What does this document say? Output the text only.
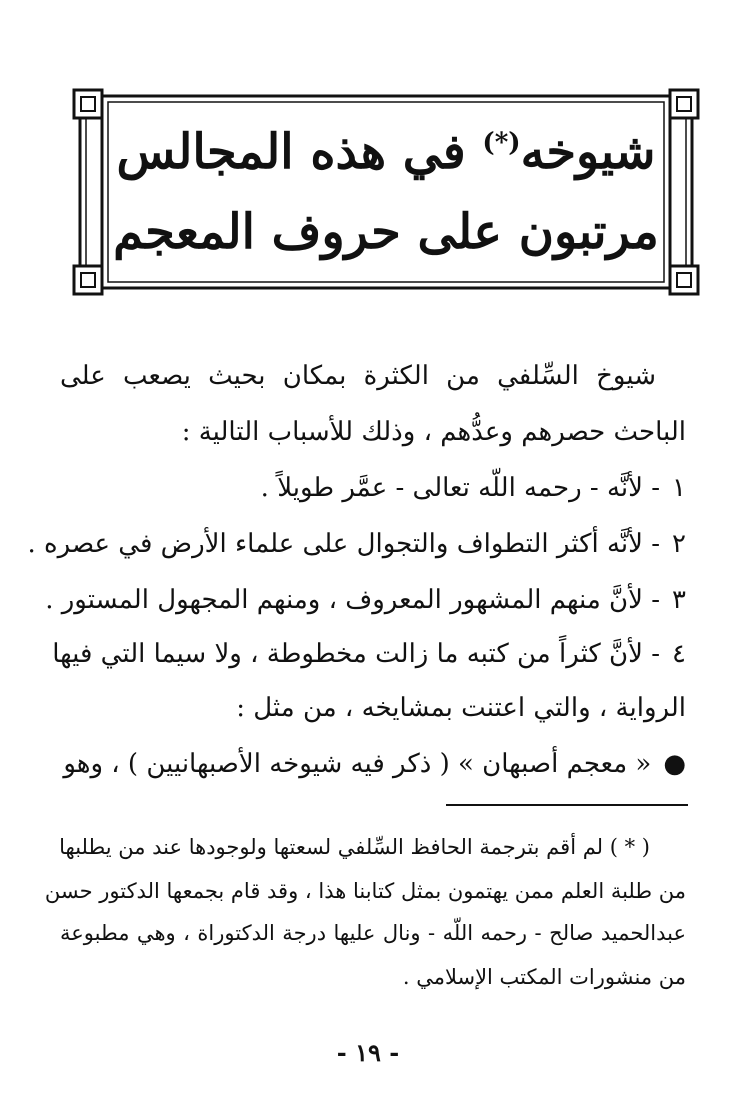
شيوخه(*) في هذه المجالس
مرتبون على حروف المعجم
شيوخ السِّلفي من الكثرة بمكان بحيث يصعب على
الباحث حصرهم وعدُّهم ، وذلك للأسباب التالية :
١- لأنَّه - رحمه اللّه تعالى - عمَّر طويلاً .
٢- لأنَّه أكثر التطواف والتجوال على علماء الأرض في عصره .
٣- لأنَّ منهم المشهور المعروف ، ومنهم المجهول المستور .
٤- لأنَّ كثراً من كتبه ما زالت مخطوطة ، ولا سيما التي فيها
الرواية ، والتي اعتنت بمشايخه ، من مثل :
●« معجم أصبهان » ( ذكر فيه شيوخه الأصبهانيين ) ، وهو
( * ) لم أقم بترجمة الحافظ السِّلفي لسعتها ولوجودها عند من يطلبها
من طلبة العلم ممن يهتمون بمثل كتابنا هذا ، وقد قام بجمعها الدكتور حسن
عبدالحميد صالح - رحمه اللّه - ونال عليها درجة الدكتوراة ، وهي مطبوعة
من منشورات المكتب الإسلامي .
- ١٩ -
